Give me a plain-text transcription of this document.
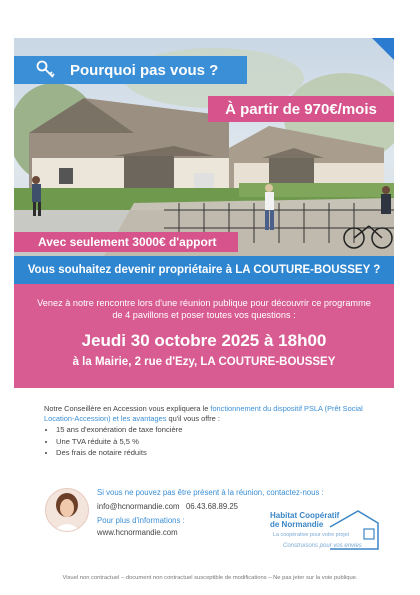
Pourquoi pas vous ?
À partir de 970€/mois
Avec seulement 3000€ d'apport
Vous souhaitez devenir propriétaire à LA COUTURE-BOUSSEY ?
Venez à notre rencontre lors d'une réunion publique pour découvrir ce programme de 4 pavillons et poser toutes vos questions :
Jeudi 30 octobre 2025 à 18h00
à la Mairie, 2 rue d'Ezy, LA COUTURE-BOUSSEY
Notre Conseillère en Accession vous expliquera le fonctionnement du dispositif PSLA (Prêt Social Location-Accession) et les avantages qu'il vous offre :
• 15 ans d'exonération de taxe foncière
• Une TVA réduite à 5,5 %
• Des frais de notaire réduits
Si vous ne pouvez pas être présent à la réunion, contactez-nous :
info@hcnormandie.com 06.43.68.89.25
Pour plus d'informations :
www.hcnormandie.com
Habitat Coopératif
de Normandie
La coopérative pour votre projet
Construisons pour vos envies
Visuel non contractuel – document non contractuel susceptible de modifications – Ne pas jeter sur la voie publique.
